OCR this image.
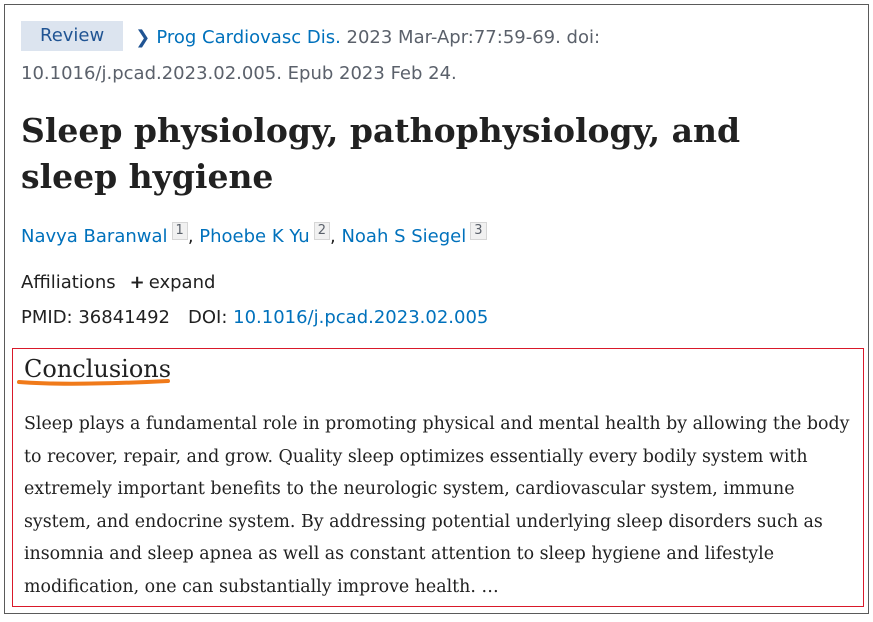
Review ❯ Prog Cardiovasc Dis. 2023 Mar-Apr:77:59-69. doi: 10.1016/j.pcad.2023.02.005. Epub 2023 Feb 24.
Sleep physiology, pathophysiology, and sleep hygiene
Navya Baranwal 1 , Phoebe K Yu 2 , Noah S Siegel 3
Affiliations + expand
PMID: 36841492 DOI: 10.1016/j.pcad.2023.02.005
Conclusions

Sleep plays a fundamental role in promoting physical and mental health by allowing the body to recover, repair, and grow. Quality sleep optimizes essentially every bodily system with extremely important benefits to the neurologic system, cardiovascular system, immune system, and endocrine system. By addressing potential underlying sleep disorders such as insomnia and sleep apnea as well as constant attention to sleep hygiene and lifestyle modification, one can substantially improve health. …
